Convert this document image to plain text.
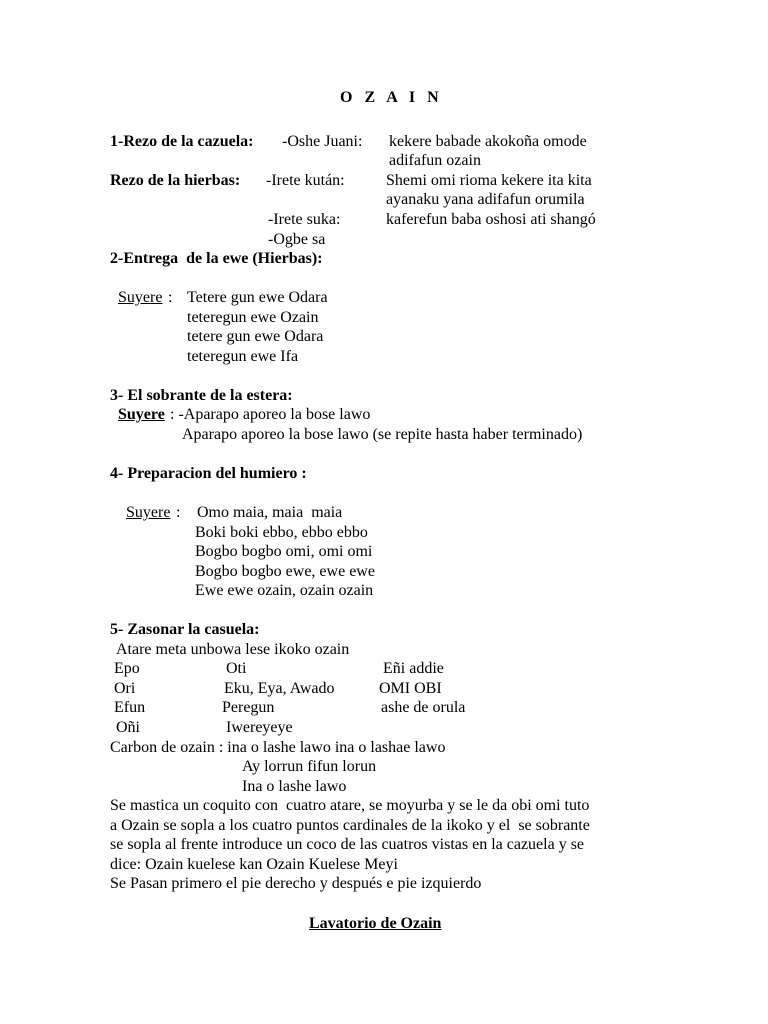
O Z A I N
1-Rezo de la cazuela: -Oshe Juani: kekere babade akokoña omode
adifafun ozain
Rezo de la hierbas: -Irete kután:	Shemi omi rioma kekere ita kita
ayanaku yana adifafun orumila
-Irete suka:	kaferefun baba oshosi ati shangó
-Ogbe sa
2-Entrega  de la ewe (Hierbas):
Suyere : Tetere gun ewe Odara
teteregun ewe Ozain
tetere gun ewe Odara
teteregun ewe Ifa
3- El sobrante de la estera:
Suyere : -Aparapo aporeo la bose lawo
Aparapo aporeo la bose lawo (se repite hasta haber terminado)
4- Preparacion del humiero :
Suyere : Omo maia, maia  maia
Boki boki ebbo, ebbo ebbo
Bogbo bogbo omi, omi omi
Bogbo bogbo ewe, ewe ewe
Ewe ewe ozain, ozain ozain
5- Zasonar la casuela:
Atare meta unbowa lese ikoko ozain
Epo	Oti	Eñi addie
Ori	Eku, Eya, Awado	OMI OBI
Efun	Peregun	ashe de orula
Oñi	Iwereyeye
Carbon de ozain : ina o lashe lawo ina o lashae lawo
Ay lorrun fifun lorun
Ina o lashe lawo
Se mastica un coquito con  cuatro atare, se moyurba y se le da obi omi tuto
a Ozain se sopla a los cuatro puntos cardinales de la ikoko y el  se sobrante
se sopla al frente introduce un coco de las cuatros vistas en la cazuela y se
dice: Ozain kuelese kan Ozain Kuelese Meyi
Se Pasan primero el pie derecho y después e pie izquierdo
Lavatorio de Ozain
